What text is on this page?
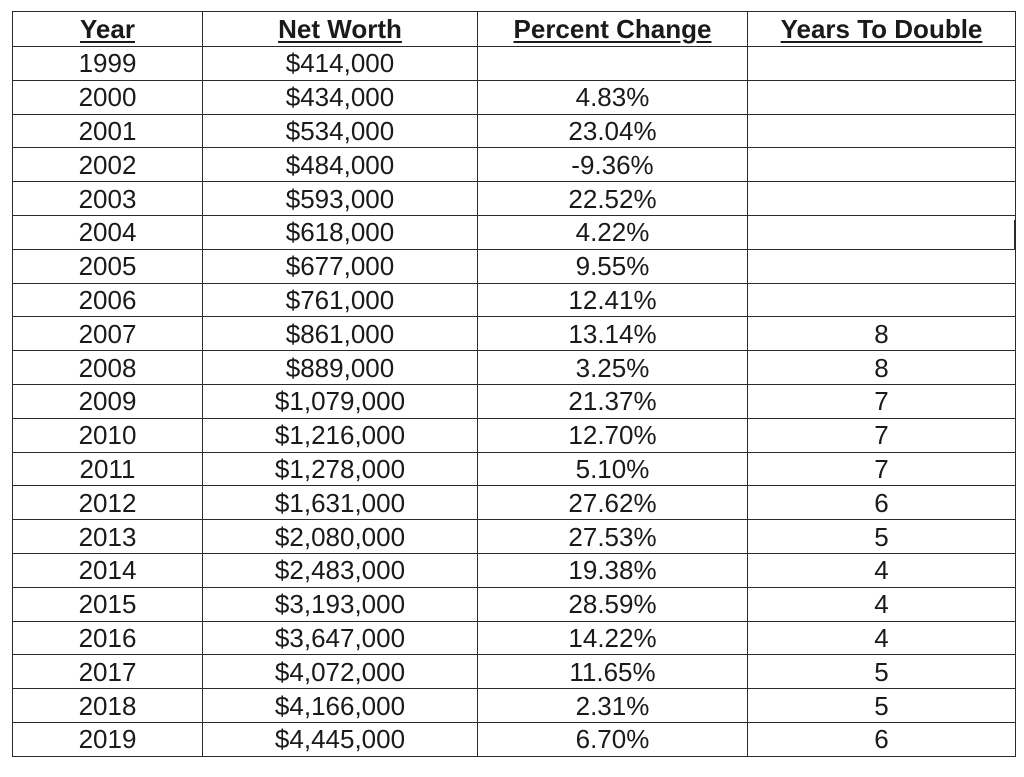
Year	Net Worth	Percent Change	Years To Double
1999	$414,000		
2000	$434,000	4.83%	
2001	$534,000	23.04%	
2002	$484,000	-9.36%	
2003	$593,000	22.52%	
2004	$618,000	4.22%	
2005	$677,000	9.55%	
2006	$761,000	12.41%	
2007	$861,000	13.14%	8
2008	$889,000	3.25%	8
2009	$1,079,000	21.37%	7
2010	$1,216,000	12.70%	7
2011	$1,278,000	5.10%	7
2012	$1,631,000	27.62%	6
2013	$2,080,000	27.53%	5
2014	$2,483,000	19.38%	4
2015	$3,193,000	28.59%	4
2016	$3,647,000	14.22%	4
2017	$4,072,000	11.65%	5
2018	$4,166,000	2.31%	5
2019	$4,445,000	6.70%	6
